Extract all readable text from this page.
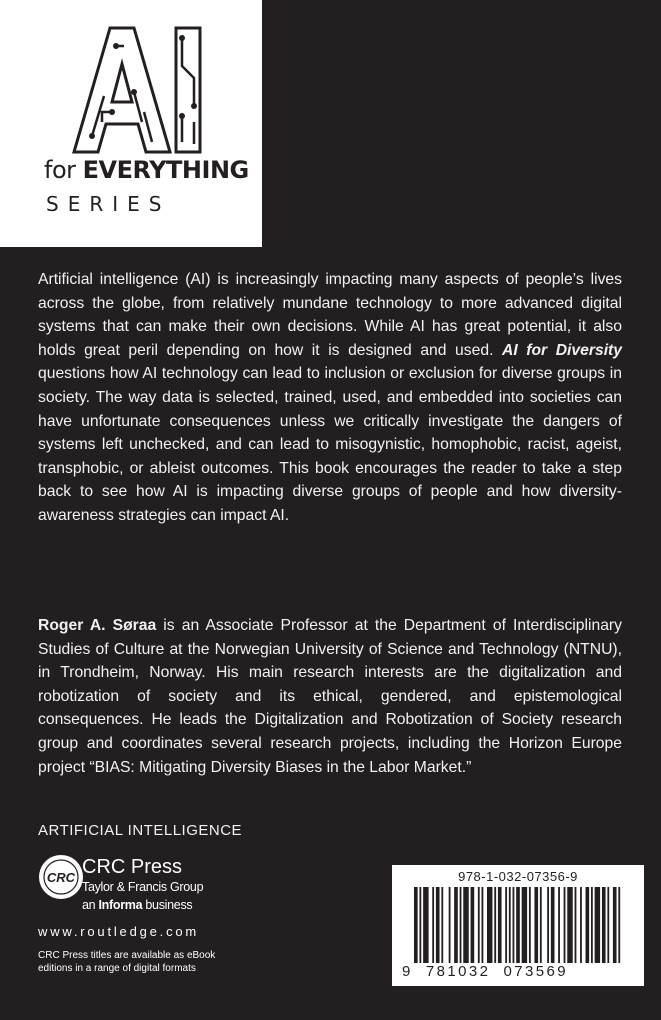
for EVERYTHING
SERIES

Artificial intelligence (AI) is increasingly impacting many aspects of people’s lives across the globe, from relatively mundane technology to more advanced digital systems that can make their own decisions. While AI has great potential, it also holds great peril depending on how it is designed and used. AI for Diversity questions how AI technology can lead to inclusion or exclusion for diverse groups in society. The way data is selected, trained, used, and embedded into societies can have unfortunate consequences unless we critically investigate the dangers of systems left unchecked, and can lead to misogynistic, homophobic, racist, ageist, transphobic, or ableist outcomes. This book encourages the reader to take a step back to see how AI is impacting diverse groups of people and how diversity-awareness strategies can impact AI.

Roger A. Søraa is an Associate Professor at the Department of Interdisciplinary Studies of Culture at the Norwegian University of Science and Technology (NTNU), in Trondheim, Norway. His main research interests are the digitalization and robotization of society and its ethical, gendered, and epistemological consequences. He leads the Digitalization and Robotization of Society research group and coordinates several research projects, including the Horizon Europe project “BIAS: Mitigating Diversity Biases in the Labor Market.”

ARTIFICIAL INTELLIGENCE
CRC CRC Press
Taylor & Francis Group
an Informa business
www.routledge.com
CRC Press titles are available as eBook editions in a range of digital formats
978-1-032-07356-9
9 781032 073569
